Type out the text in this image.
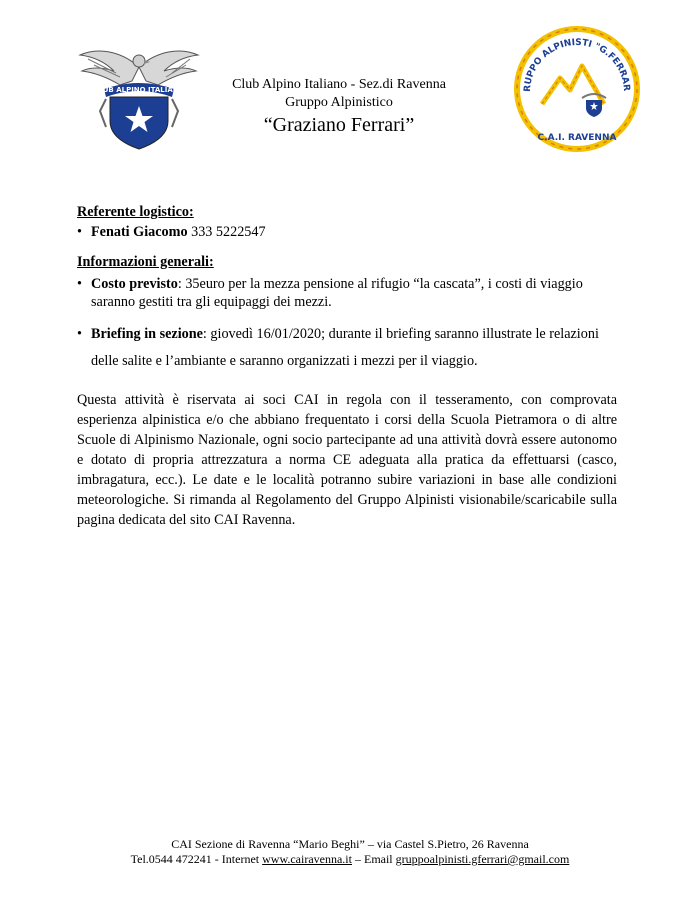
CLUB ALPINO ITALIANO	Club Alpino Italiano - Sez.di Ravenna
Gruppo Alpinistico
“Graziano Ferrari”
RUPPO ALPINISTI "G.FERRAR
C.A.I. RAVENNA

Referente logistico:

• Fenati Giacomo 333 5222547

Informazioni generali:

• Costo previsto: 35euro per la mezza pensione al rifugio “la cascata”, i costi di viaggio saranno gestiti tra gli equipaggi dei mezzi.
• Briefing in sezione: giovedì 16/01/2020; durante il briefing saranno illustrate le relazioni delle salite e l’ambiante e saranno organizzati i mezzi per il viaggio.

Questa attività è riservata ai soci CAI in regola con il tesseramento, con comprovata esperienza alpinistica e/o che abbiano frequentato i corsi della Scuola Pietramora o di altre Scuole di Alpinismo Nazionale, ogni socio partecipante ad una attività dovrà essere autonomo e dotato di propria attrezzatura a norma CE adeguata alla pratica da effettuarsi (casco, imbragatura, ecc.). Le date e le località potranno subire variazioni in base alle condizioni meteorologiche. Si rimanda al Regolamento del Gruppo Alpinisti visionabile/scaricabile sulla pagina dedicata del sito CAI Ravenna.

CAI Sezione di Ravenna “Mario Beghi” – via Castel S.Pietro, 26 Ravenna
Tel.0544 472241 - Internet www.cairavenna.it – Email gruppoalpinisti.gferrari@gmail.com
